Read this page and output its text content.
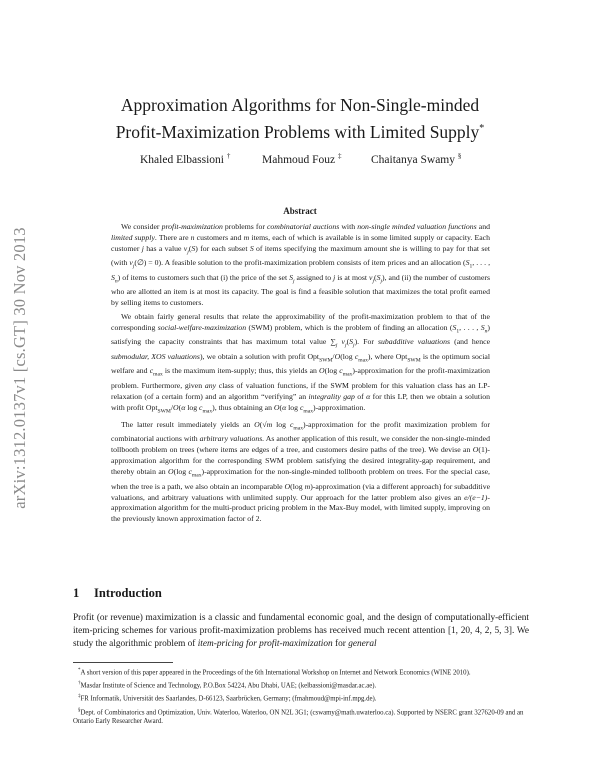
arXiv:1312.0137v1 [cs.GT] 30 Nov 2013
Approximation Algorithms for Non-Single-minded
Profit-Maximization Problems with Limited Supply*
Khaled Elbassioni †	Mahmoud Fouz ‡	Chaitanya Swamy §
Abstract

We consider profit-maximization problems for combinatorial auctions with non-single minded valuation functions and limited supply. There are n customers and m items, each of which is available is in some limited supply or capacity. Each customer j has a value $v_j(S)$ for each subset S of items specifying the maximum amount she is willing to pay for that set (with $v_j(\emptyset) = 0$). A feasible solution to the profit-maximization problem consists of item prices and an allocation ($S_1$, . . . , $S_n$) of items to customers such that (i) the price of the set $S_j$ assigned to j is at most $v_j(S_j)$, and (ii) the number of customers who are allotted an item is at most its capacity. The goal is find a feasible solution that maximizes the total profit earned by selling items to customers.

We obtain fairly general results that relate the approximability of the profit-maximization problem to that of the corresponding social-welfare-maximization (SWM) problem, which is the problem of finding an allocation ($S_1$, . . . , $S_n$) satisfying the capacity constraints that has maximum total value $\sum_j$ $v_j(S_j)$. For subadditive valuations (and hence submodular, XOS valuations), we obtain a solution with profit Opt$_{SWM}$/O(log $c_{max}$), where Opt$_{SWM}$ is the optimum social welfare and $c_{max}$ is the maximum item-supply; thus, this yields an O(log $c_{max}$)-approximation for the profit-maximization problem. Furthermore, given any class of valuation functions, if the SWM problem for this valuation class has an LP-relaxation (of a certain form) and an algorithm “verifying” an integrality gap of α for this LP, then we obtain a solution with profit Opt$_{SWM}$/O(α $\log c_{max}$), thus obtaining an O(α $\log c_{max}$)-approximation.

The latter result immediately yields an O(√m $\log c_{max}$)-approximation for the profit maximization problem for combinatorial auctions with arbitrary valuations. As another application of this result, we consider the non-single-minded tollbooth problem on trees (where items are edges of a tree, and customers desire paths of the tree). We devise an O(1)-approximation algorithm for the corresponding SWM problem satisfying the desired integrality-gap requirement, and thereby obtain an O(log $c_{max}$)-approximation for the non-single-minded tollbooth problem on trees. For the special case, when the tree is a path, we also obtain an incomparable O(log m)-approximation (via a different approach) for subadditive valuations, and arbitrary valuations with unlimited supply. Our approach for the latter problem also gives an e/(e−1)-approximation algorithm for the multi-product pricing problem in the Max-Buy model, with limited supply, improving on the previously known approximation factor of 2.

1 Introduction

Profit (or revenue) maximization is a classic and fundamental economic goal, and the design of computationally-efficient item-pricing schemes for various profit-maximization problems has received much recent attention [1, 20, 4, 2, 5, 3]. We study the algorithmic problem of item-pricing for profit-maximization for general

*A short version of this paper appeared in the Proceedings of the 6th International Workshop on Internet and Network Economics (WINE 2010).

†Masdar Institute of Science and Technology, P.O.Box 54224, Abu Dhabi, UAE; (kelbassioni@masdar.ac.ae).

‡FR Informatik, Universität des Saarlandes, D-66123, Saarbrücken, Germany; (fmahmoud@mpi-inf.mpg.de).

§Dept. of Combinatorics and Optimization, Univ. Waterloo, Waterloo, ON N2L 3G1; (cswamy@math.uwaterloo.ca). Supported by NSERC grant 327620-09 and an Ontario Early Researcher Award.
